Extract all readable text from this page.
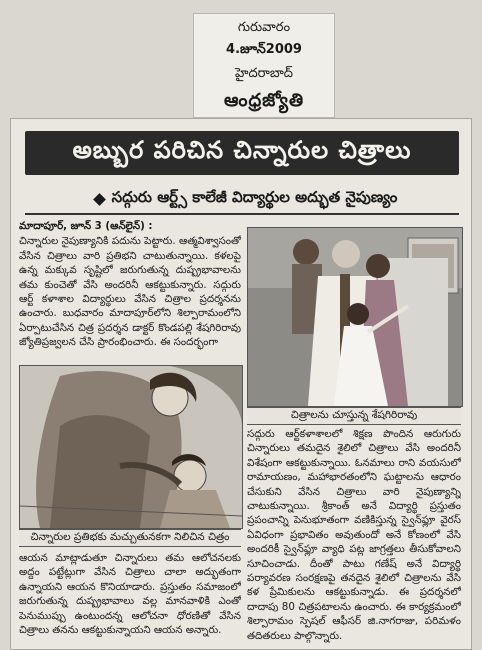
గురువారం
4.జూన్2009
హైదరాబాద్
ఆంధ్రజ్యోతి
అబ్బుర పరిచిన చిన్నారుల చిత్రాలు
సద్గురు ఆర్ట్స్ కాలేజీ విద్యార్థుల అద్భుత నైపుణ్యం
మాదాపూర్, జూన్ 3 (ఆన్‌లైన్) :
చిన్నారుల నైపుణ్యానికి పదును పెట్టారు. ఆత్మవిశ్వాసంతో వేసిన చిత్రాలు వారి ప్రతిభని చాటుతున్నాయి. కళలపై ఉన్న మక్కువ సృష్టిలో జరుగుతున్న దుష్ప్రభావాలను తమ కుంచెతో వేసి అందరినీ ఆకట్టుకున్నారు. సద్గురు ఆర్ట్ కళాశాల విద్యార్థులు వేసిన చిత్రాల ప్రదర్శనను ఉంచారు. బుధవారం మాదాపూర్‌లోని శిల్పారామంలోని ఏర్పాటుచేసిన చిత్ర ప్రదర్శన డాక్టర్ కొండపల్లి శేషగిరిరావు జ్యోతిప్రజ్వలన చేసి ప్రారంభించారు. ఈ సందర్భంగా
చిత్రాలను చూస్తున్న శేషగిరిరావు
చిన్నారుల ప్రతిభకు మచ్చుతునకగా నిలిచిన చిత్రం
సద్గురు ఆర్ట్‌కళాశాలలో శిక్షణ పొందిన ఆరుగురు చిన్నారులు తమదైన శైలిలో చిత్రాలు వేసి అందరినీ విశేషంగా ఆకట్టుకున్నాయి. ఓనమాలు రాని వయసులో రామాయణం, మహాభారతంలోని ఘట్టాలను ఆధారం చేసుకుని వేసిన చిత్రాలు వారి నైపుణ్యాన్ని చాటుకున్నాయి. శ్రీకాంత్ అనే విద్యార్థి ప్రస్తుతం ప్రపంచాన్ని పెనుభూతంగా వణికిస్తున్న స్వైన్‌ఫ్లూ వైరస్ ఏవిధంగా ప్రభావితం అవుతుందో అనే కోణంలో వేసి అందరికీ స్వైన్‌ఫ్లూ వ్యాధి పట్ల జాగ్రత్తలు తీసుకోవాలని సూచించాడు. దీంతో పాటు గణేష్ అనే విద్యార్థి పర్యావరణ సంరక్షణపై తనదైన శైలిలో చిత్రాలను వేసి కళ ప్రేమికులను ఆకట్టుకున్నాడు. ఈ ప్రదర్శనలో దాదాపు 80 చిత్రపటాలను ఉంచారు. ఈ కార్యక్రమంలో శిల్పారామం స్పెషల్ ఆఫీసర్ జి.నాగరాజు, పరిమళం తదితరులు పాల్గొన్నారు.
ఆయన మాట్లాడుతూ చిన్నారులు తమ ఆలోచనలకు అద్దం పట్టేట్లుగా వేసిన చిత్రాలు చాలా అద్భుతంగా ఉన్నాయని ఆయన కొనియాడారు. ప్రస్తుతం సమాజంలో జరుగుతున్న దుష్ప్రభావాలు వల్ల మానవాళికి ఎంతో పెనుముప్పు ఉంటుందన్న ఆలోచనా ధోరణితో వేసిన చిత్రాలు తనను ఆకట్టుకున్నాయని ఆయన అన్నారు.
